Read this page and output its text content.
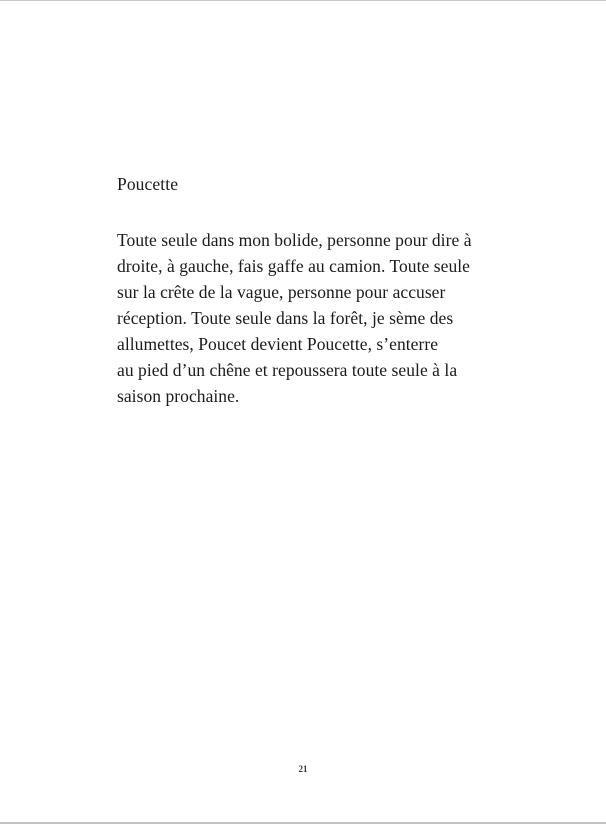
Poucette

Toute seule dans mon bolide, personne pour dire à
droite, à gauche, fais gaffe au camion. Toute seule
sur la crête de la vague, personne pour accuser
réception. Toute seule dans la forêt, je sème des
allumettes, Poucet devient Poucette, s’enterre
au pied d’un chêne et repoussera toute seule à la
saison prochaine.

21
